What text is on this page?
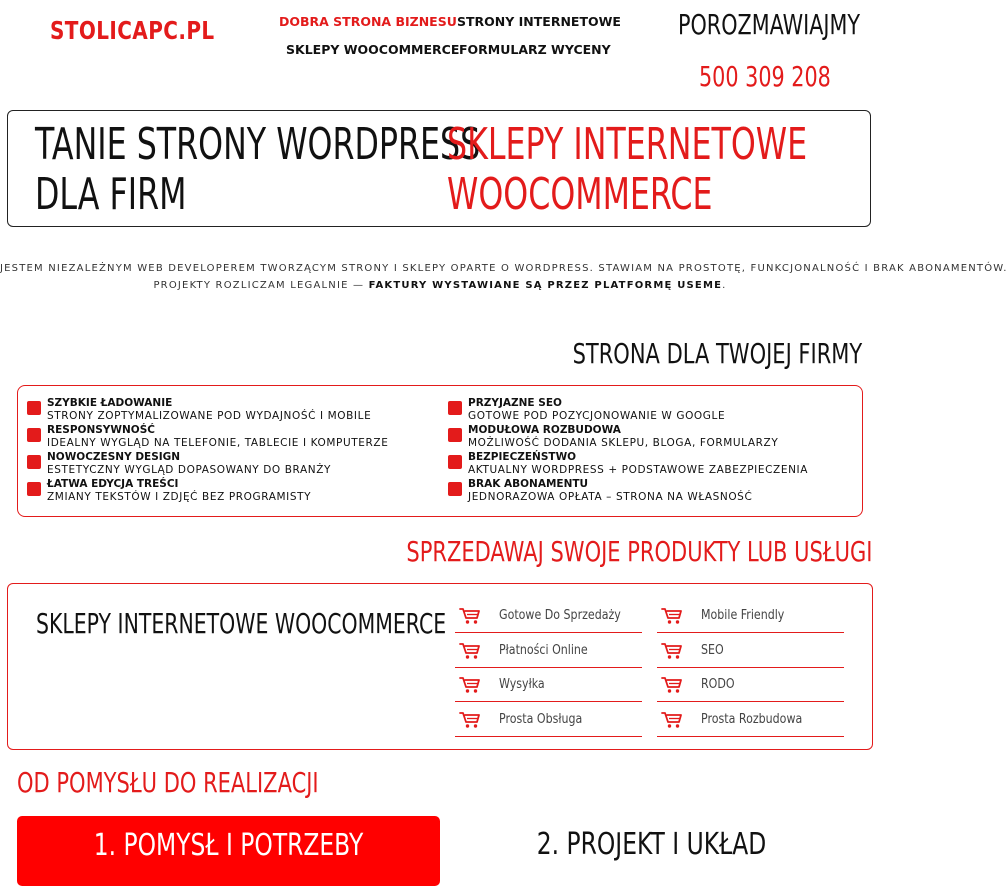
STOLICAPC.PL	DOBRA STRONA BIZNESU STRONY INTERNETOWE
SKLEPY WOOCOMMERCE FORMULARZ WYCENY
POROZMAWIAJMY
500 309 208
TANIE STRONY WORDPRESS
DLA FIRM
SKLEPY INTERNETOWE
WOOCOMMERCE
JESTEM NIEZALEŻNYM WEB DEVELOPEREM TWORZĄCYM STRONY I SKLEPY OPARTE O WORDPRESS. STAWIAM NA PROSTOTĘ, FUNKCJONALNOŚĆ I BRAK ABONAMENTÓW.
PROJEKTY ROZLICZAM LEGALNIE — FAKTURY WYSTAWIANE SĄ PRZEZ PLATFORMĘ USEME.
STRONA DLA TWOJEJ FIRMY
SZYBKIE ŁADOWANIE
STRONY ZOPTYMALIZOWANE POD WYDAJNOŚĆ I MOBILE
RESPONSYWNOŚĆ
IDEALNY WYGLĄD NA TELEFONIE, TABLECIE I KOMPUTERZE
NOWOCZESNY DESIGN
ESTETYCZNY WYGLĄD DOPASOWANY DO BRANŻY
ŁATWA EDYCJA TREŚCI
ZMIANY TEKSTÓW I ZDJĘĆ BEZ PROGRAMISTY
PRZYJAZNE SEO
GOTOWE POD POZYCJONOWANIE W GOOGLE
MODUŁOWA ROZBUDOWA
MOŻLIWOŚĆ DODANIA SKLEPU, BLOGA, FORMULARZY
BEZPIECZEŃSTWO
AKTUALNY WORDPRESS + PODSTAWOWE ZABEZPIECZENIA
BRAK ABONAMENTU
JEDNORAZOWA OPŁATA – STRONA NA WŁASNOŚĆ
SPRZEDAWAJ SWOJE PRODUKTY LUB USŁUGI
SKLEPY INTERNETOWE WOOCOMMERCE	Gotowe Do Sprzedaży
Płatności Online
Wysyłka
Prosta Obsługa
Mobile Friendly
SEO
RODO
Prosta Rozbudowa
OD POMYSŁU DO REALIZACJI
1. POMYSŁ I POTRZEBY	2. PROJEKT I UKŁAD
